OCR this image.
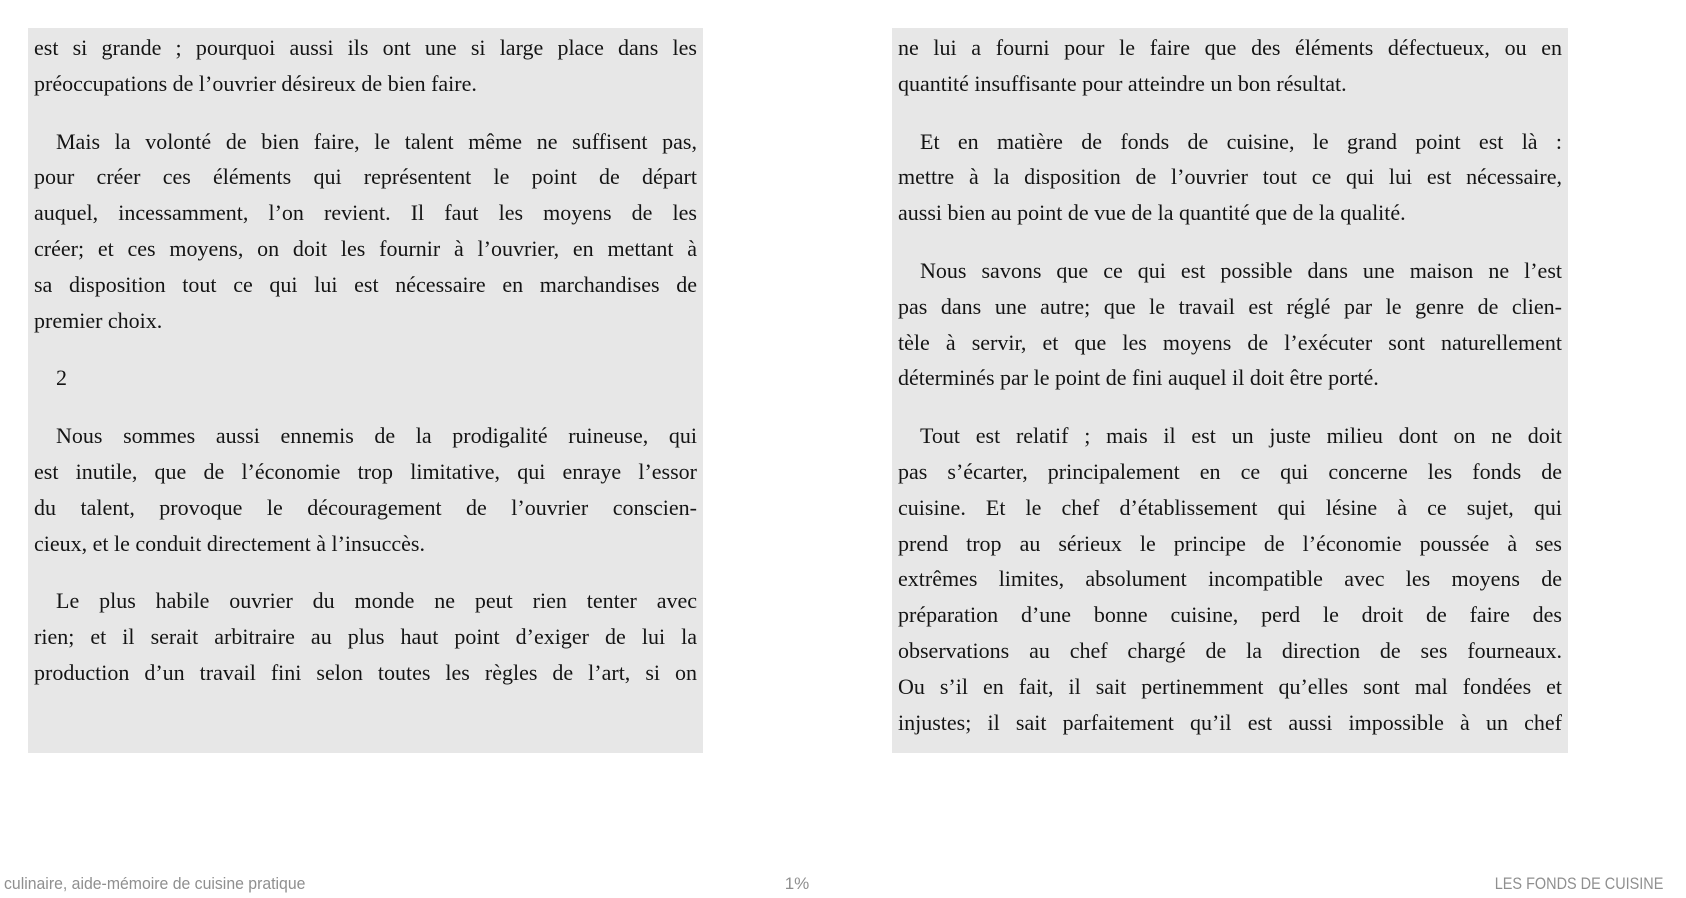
est si grande ; pourquoi aussi ils ont une si large place dans les
préoccupations de l’ouvrier désireux de bien faire.
Mais la volonté de bien faire, le talent même ne suffisent pas,
pour créer ces éléments qui représentent le point de départ
auquel, incessamment, l’on revient. Il faut les moyens de les
créer; et ces moyens, on doit les fournir à l’ouvrier, en mettant à
sa disposition tout ce qui lui est nécessaire en marchandises de
premier choix.
2
Nous sommes aussi ennemis de la prodigalité ruineuse, qui
est inutile, que de l’économie trop limitative, qui enraye l’essor
du talent, provoque le découragement de l’ouvrier conscien-
cieux, et le conduit directement à l’insuccès.
Le plus habile ouvrier du monde ne peut rien tenter avec
rien; et il serait arbitraire au plus haut point d’exiger de lui la
production d’un travail fini selon toutes les règles de l’art, si on
ne lui a fourni pour le faire que des éléments défectueux, ou en
quantité insuffisante pour atteindre un bon résultat.
Et en matière de fonds de cuisine, le grand point est là :
mettre à la disposition de l’ouvrier tout ce qui lui est nécessaire,
aussi bien au point de vue de la quantité que de la qualité.
Nous savons que ce qui est possible dans une maison ne l’est
pas dans une autre; que le travail est réglé par le genre de clien-
tèle à servir, et que les moyens de l’exécuter sont naturellement
déterminés par le point de fini auquel il doit être porté.
Tout est relatif ; mais il est un juste milieu dont on ne doit
pas s’écarter, principalement en ce qui concerne les fonds de
cuisine. Et le chef d’établissement qui lésine à ce sujet, qui
prend trop au sérieux le principe de l’économie poussée à ses
extrêmes limites, absolument incompatible avec les moyens de
préparation d’une bonne cuisine, perd le droit de faire des
observations au chef chargé de la direction de ses fourneaux.
Ou s’il en fait, il sait pertinemment qu’elles sont mal fondées et
injustes; il sait parfaitement qu’il est aussi impossible à un chef
culinaire, aide-mémoire de cuisine pratique	1%	LES FONDS DE CUISINE
